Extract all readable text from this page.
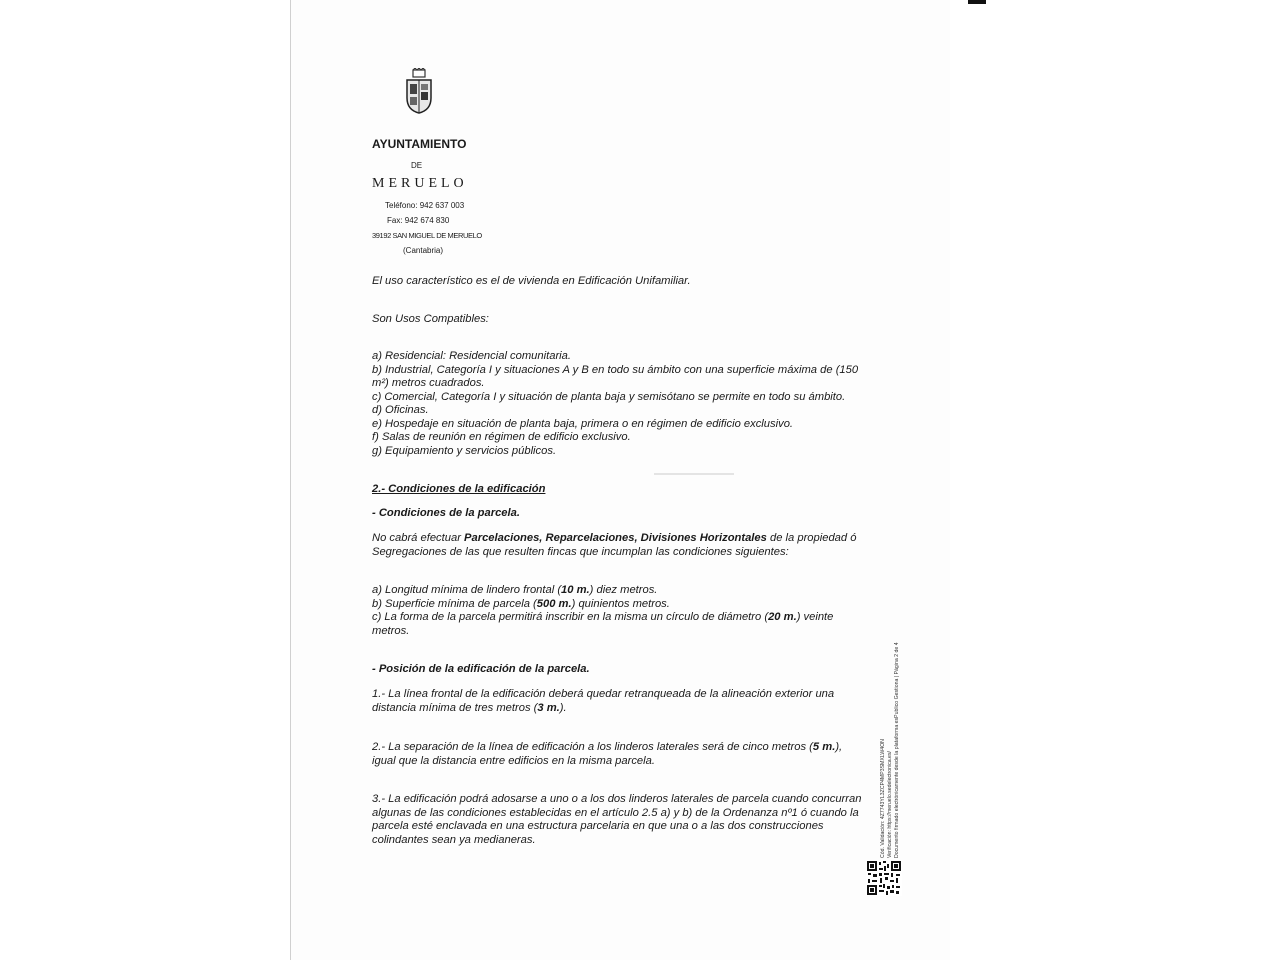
AYUNTAMIENTO
DE
MERUELO
Teléfono: 942 637 003
Fax: 942 674 830
39192 SAN MIGUEL DE MERUELO
(Cantabria)
El uso característico es el de vivienda en Edificación Unifamiliar.
Son Usos Compatibles:
a) Residencial: Residencial comunitaria.
b) Industrial, Categoría I y situaciones A y B en todo su ámbito con una superficie máxima de (150
m²) metros cuadrados.
c) Comercial, Categoría I y situación de planta baja y semisótano se permite en todo su ámbito.
d) Oficinas.
e) Hospedaje en situación de planta baja, primera o en régimen de edificio exclusivo.
f) Salas de reunión en régimen de edificio exclusivo.
g) Equipamiento y servicios públicos.
2.- Condiciones de la edificación
- Condiciones de la parcela.
No cabrá efectuar Parcelaciones, Reparcelaciones, Divisiones Horizontales de la propiedad ó
Segregaciones de las que resulten fincas que incumplan las condiciones siguientes:
a) Longitud mínima de lindero frontal (10 m.) diez metros.
b) Superficie mínima de parcela (500 m.) quinientos metros.
c) La forma de la parcela permitirá inscribir en la misma un círculo de diámetro (20 m.) veinte
metros.
- Posición de la edificación de la parcela.
1.- La línea frontal de la edificación deberá quedar retranqueada de la alineación exterior una
distancia mínima de tres metros (3 m.).
2.- La separación de la línea de edificación a los linderos laterales será de cinco metros (5 m.),
igual que la distancia entre edificios en la misma parcela.
3.- La edificación podrá adosarse a uno o a los dos linderos laterales de parcela cuando concurran
algunas de las condiciones establecidas en el artículo 2.5 a) y b) de la Ordenanza nº1 ó cuando la
parcela esté enclavada en una estructura parcelaria en que una o a las dos construcciones
colindantes sean ya medianeras.	Cód. Validación: 4Z7743YL3ZCP4MP3SMXLW4ON Verificación: https://meruelo.sedelectronica.es/ Documento firmado electrónicamente desde la plataforma esPublico Gestiona | Página 2 de 4
